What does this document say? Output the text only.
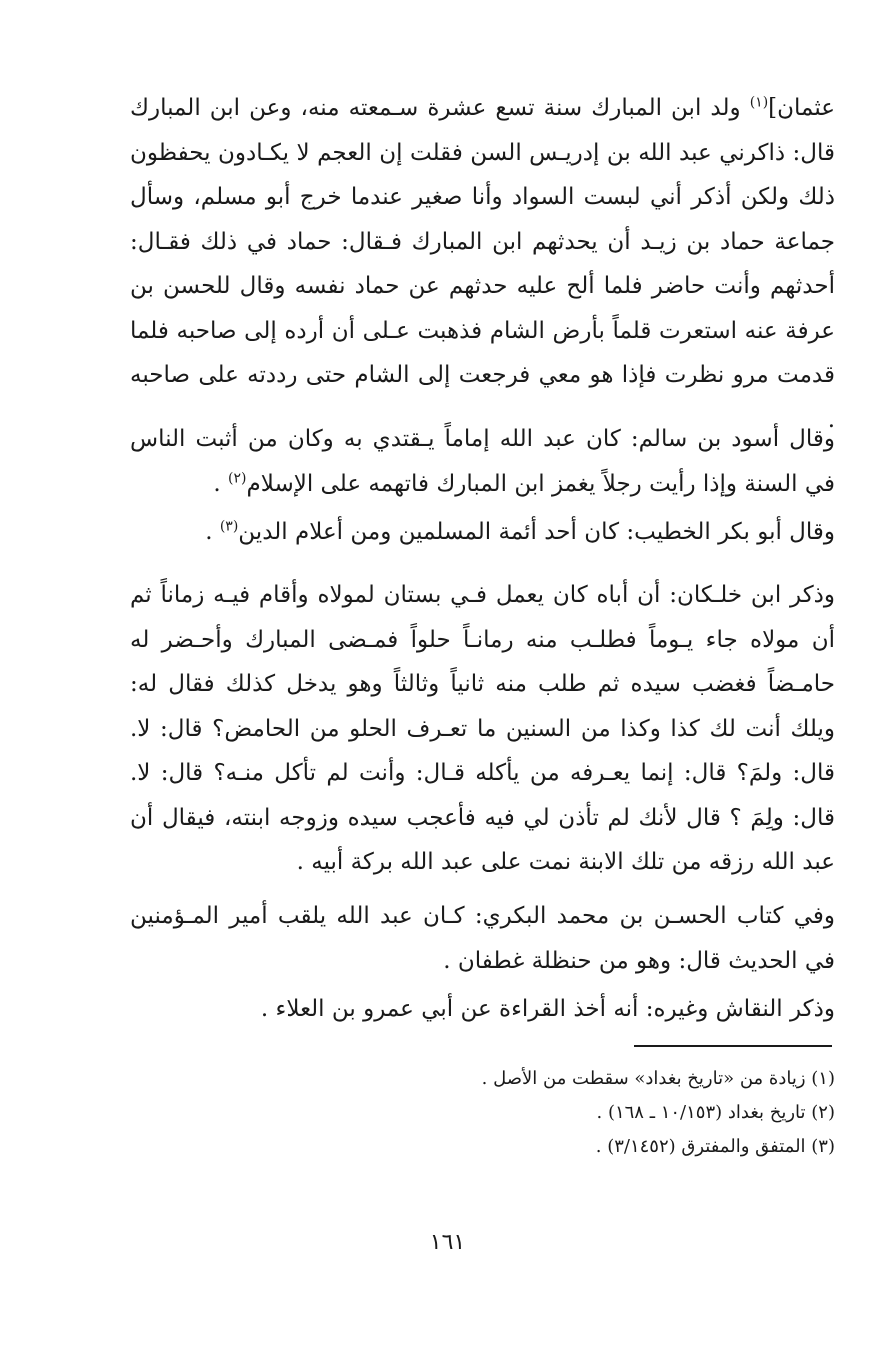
عثمان]$^{(١)}$ ولد ابن المبارك سنة تسع عشرة سـمعته منه، وعن ابن المبارك قال: ذاكرني عبد الله بن إدريـس السن فقلت إن العجم لا يكـادون يحفظون ذلك ولكن أذكر أني لبست السواد وأنا صغير عندما خرج أبو مسلم، وسأل جماعة حماد بن زيـد أن يحدثهم ابن المبارك فـقال: حماد في ذلك فقـال: أحدثهم وأنت حاضر فلما ألح عليه حدثهم عن حماد نفسه وقال للحسن بن عرفة عنه استعرت قلماً بأرض الشام فذهبت عـلى أن أرده إلى صاحبه فلما قدمت مرو نظرت فإذا هو معي فرجعت إلى الشام حتى رددته على صاحبه .

وقال أسود بن سالم: كان عبد الله إماماً يـقتدي به وكان من أثبت الناس في السنة وإذا رأيت رجلاً يغمز ابن المبارك فاتهمه على الإسلام$^{(٢)}$ .

وقال أبو بكر الخطيب: كان أحد أئمة المسلمين ومن أعلام الدين$^{(٣)}$ .

وذكر ابن خلـكان: أن أباه كان يعمل فـي بستان لمولاه وأقام فيـه زماناً ثم أن مولاه جاء يـوماً فطلـب منه رمانـاً حلواً فمـضى المبارك وأحـضر له حامـضاً فغضب سيده ثم طلب منه ثانياً وثالثاً وهو يدخل كذلك فقال له: ويلك أنت لك كذا وكذا من السنين ما تعـرف الحلو من الحامض؟ قال: لا. قال: ولمَ؟ قال: إنما يعـرفه من يأكله قـال: وأنت لم تأكل منـه؟ قال: لا. قال: ولِمَ ؟ قال لأنك لم تأذن لي فيه فأعجب سيده وزوجه ابنته، فيقال أن عبد الله رزقه من تلك الابنة نمت على عبد الله بركة أبيه .

وفي كتاب الحسـن بن محمد البكري: كـان عبد الله يلقب أمير المـؤمنين في الحديث قال: وهو من حنظلة غطفان .

وذكر النقاش وغيره: أنه أخذ القراءة عن أبي عمرو بن العلاء .

(١) زيادة من «تاريخ بغداد» سقطت من الأصل .
(٢) تاريخ بغداد (١٠/١٥٣ ـ ١٦٨) .
(٣) المتفق والمفترق (٣/١٤٥٢) .
١٦١
